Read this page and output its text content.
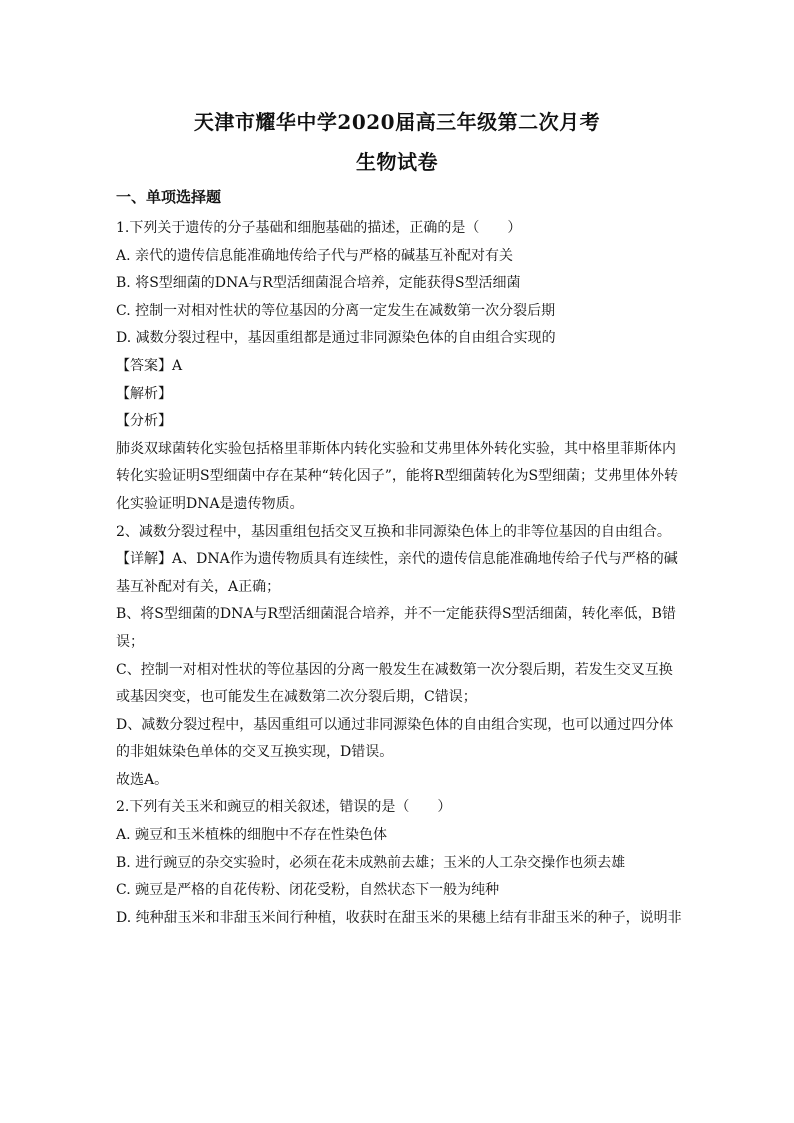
天津市耀华中学2020届高三年级第二次月考
生物试卷
一、单项选择题

1.下列关于遗传的分子基础和细胞基础的描述，正确的是（　　）

A. 亲代的遗传信息能准确地传给子代与严格的碱基互补配对有关

B. 将S型细菌的DNA与R型活细菌混合培养，定能获得S型活细菌

C. 控制一对相对性状的等位基因的分离一定发生在减数第一次分裂后期

D. 减数分裂过程中，基因重组都是通过非同源染色体的自由组合实现的

【答案】A

【解析】

【分析】

肺炎双球菌转化实验包括格里菲斯体内转化实验和艾弗里体外转化实验，其中格里菲斯体内转化实验证明S型细菌中存在某种“转化因子”，能将R型细菌转化为S型细菌；艾弗里体外转化实验证明DNA是遗传物质。

2、减数分裂过程中，基因重组包括交叉互换和非同源染色体上的非等位基因的自由组合。

【详解】A、DNA作为遗传物质具有连续性，亲代的遗传信息能准确地传给子代与严格的碱基互补配对有关，A正确；

B、将S型细菌的DNA与R型活细菌混合培养，并不一定能获得S型活细菌，转化率低，B错误；

C、控制一对相对性状的等位基因的分离一般发生在减数第一次分裂后期，若发生交叉互换或基因突变，也可能发生在减数第二次分裂后期，C错误；

D、减数分裂过程中，基因重组可以通过非同源染色体的自由组合实现，也可以通过四分体的非姐妹染色单体的交叉互换实现，D错误。

故选A。

2.下列有关玉米和豌豆的相关叙述，错误的是（　　）

A. 豌豆和玉米植株的细胞中不存在性染色体

B. 进行豌豆的杂交实验时，必须在花未成熟前去雄；玉米的人工杂交操作也须去雄

C. 豌豆是严格的自花传粉、闭花受粉，自然状态下一般为纯种

D. 纯种甜玉米和非甜玉米间行种植，收获时在甜玉米的果穗上结有非甜玉米的种子，说明非
